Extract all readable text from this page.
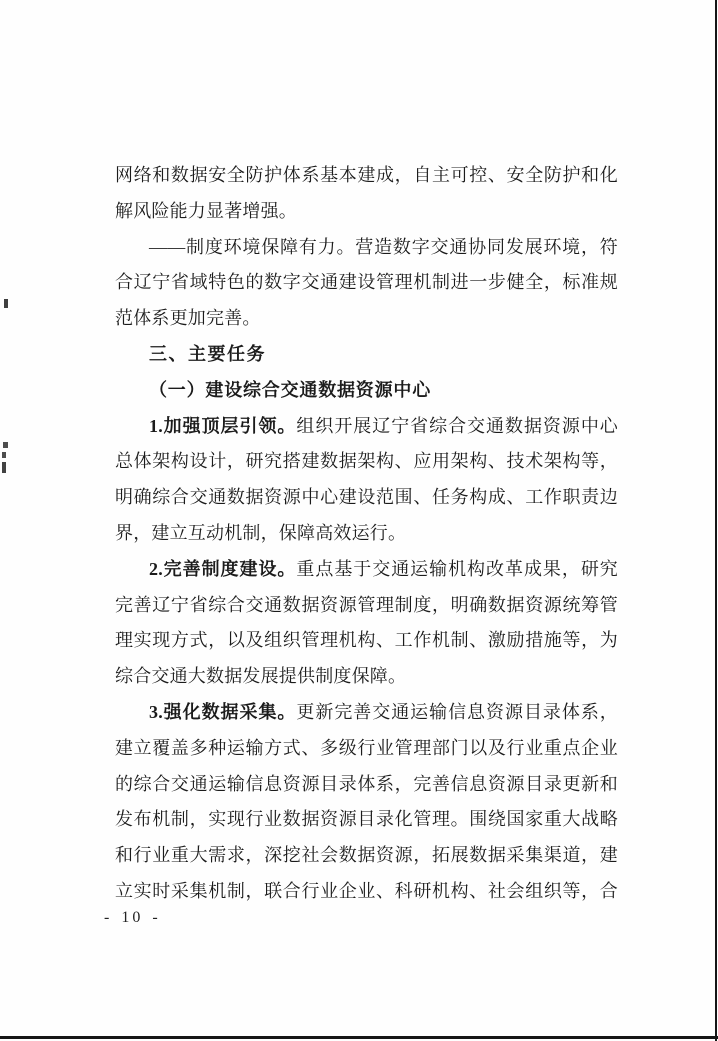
网络和数据安全防护体系基本建成，自主可控、安全防护和化
解风险能力显著增强。
——制度环境保障有力。营造数字交通协同发展环境，符
合辽宁省域特色的数字交通建设管理机制进一步健全，标准规
范体系更加完善。
三、主要任务
（一）建设综合交通数据资源中心
1.加强顶层引领。组织开展辽宁省综合交通数据资源中心
总体架构设计，研究搭建数据架构、应用架构、技术架构等，
明确综合交通数据资源中心建设范围、任务构成、工作职责边
界，建立互动机制，保障高效运行。
2.完善制度建设。重点基于交通运输机构改革成果，研究
完善辽宁省综合交通数据资源管理制度，明确数据资源统筹管
理实现方式，以及组织管理机构、工作机制、激励措施等，为
综合交通大数据发展提供制度保障。
3.强化数据采集。更新完善交通运输信息资源目录体系，
建立覆盖多种运输方式、多级行业管理部门以及行业重点企业
的综合交通运输信息资源目录体系，完善信息资源目录更新和
发布机制，实现行业数据资源目录化管理。围绕国家重大战略
和行业重大需求，深挖社会数据资源，拓展数据采集渠道，建
立实时采集机制，联合行业企业、科研机构、社会组织等，合
- 10 -
